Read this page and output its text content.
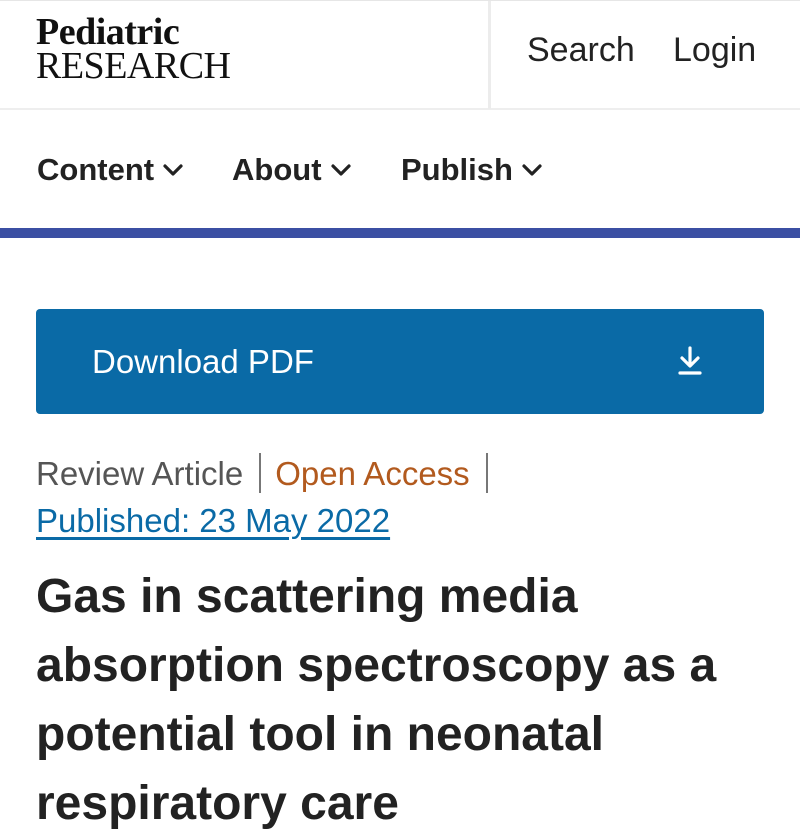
Pediatric
RESEARCH	Search Login
Content	About	Publish
Download PDF
Review Article Open Access
Published: 23 May 2022
Gas in scattering media absorption spectroscopy as a potential tool in neonatal respiratory care
